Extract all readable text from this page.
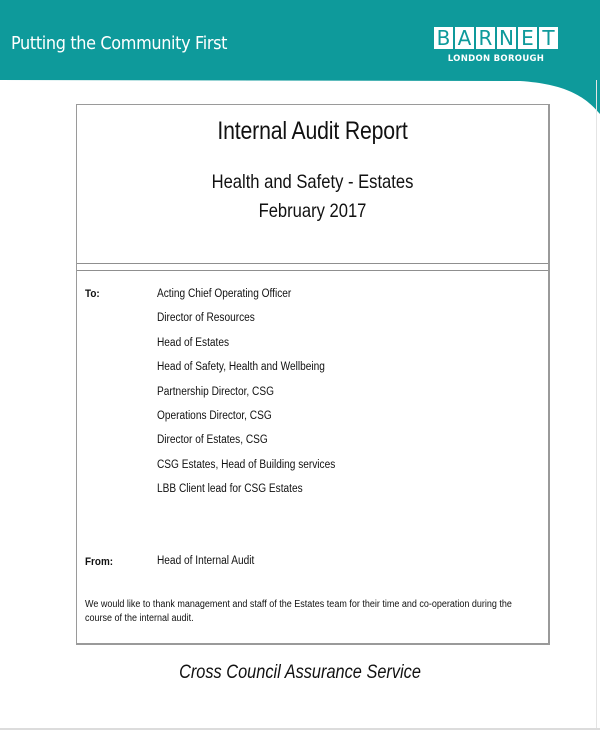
Putting the Community First	B A R N E T
LONDON BOROUGH
Internal Audit Report
Health and Safety - Estates
February 2017
To:	Acting Chief Operating Officer
Director of Resources
Head of Estates
Head of Safety, Health and Wellbeing
Partnership Director, CSG
Operations Director, CSG
Director of Estates, CSG
CSG Estates, Head of Building services
LBB Client lead for CSG Estates
From:	Head of Internal Audit
We would like to thank management and staff of the Estates team for their time and co-operation during the course of the internal audit.
Cross Council Assurance Service
